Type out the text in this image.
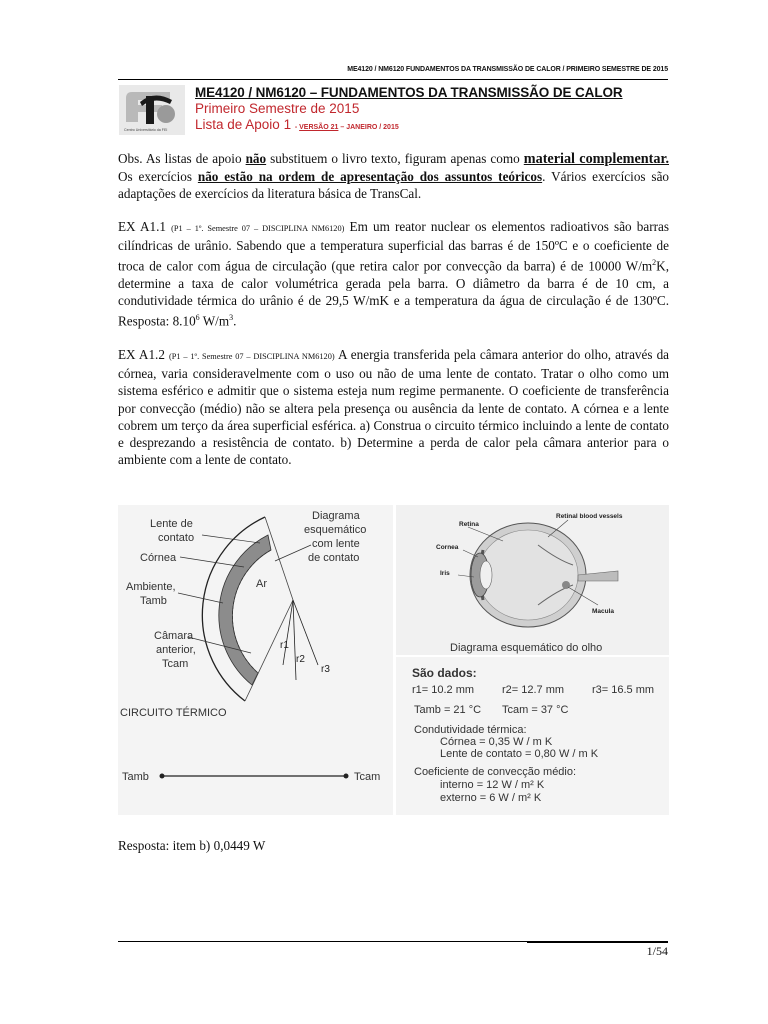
ME4120 / NM6120 FUNDAMENTOS DA TRANSMISSÃO DE CALOR / PRIMEIRO SEMESTRE DE 2015
Centro Universitário da FEI
ME4120 / NM6120 – FUNDAMENTOS DA TRANSMISSÃO DE CALOR
Primeiro Semestre de 2015
Lista de Apoio 1 - VERSÃO 21 – JANEIRO / 2015

Obs. As listas de apoio não substituem o livro texto, figuram apenas como material complementar. Os exercícios não estão na ordem de apresentação dos assuntos teóricos. Vários exercícios são adaptações de exercícios da literatura básica de TransCal.

EX A1.1 (P1 – 1º. Semestre 07 – DISCIPLINA NM6120) Em um reator nuclear os elementos radioativos são barras cilíndricas de urânio. Sabendo que a temperatura superficial das barras é de 150ºC e o coeficiente de troca de calor com água de circulação (que retira calor por convecção da barra) é de 10000 $W/m^2K$, determine a taxa de calor volumétrica gerada pela barra. O diâmetro da barra é de 10 cm, a condutividade térmica do urânio é de 29,5 W/mK e a temperatura da água de circulação é de 130ºC. Resposta: 8.10$^6$ $W/m^3$.

EX A1.2 (P1 – 1º. Semestre 07 – DISCIPLINA NM6120) A energia transferida pela câmara anterior do olho, através da córnea, varia consideravelmente com o uso ou não de uma lente de contato. Tratar o olho como um sistema esférico e admitir que o sistema esteja num regime permanente. O coeficiente de transferência por convecção (médio) não se altera pela presença ou ausência da lente de contato. A córnea e a lente cobrem um terço da área superficial esférica. a) Construa o circuito térmico incluindo a lente de contato e desprezando a resistência de contato. b) Determine a perda de calor pela câmara anterior para o ambiente com a lente de contato.

Ar
r1
r2
r3
Lente de
contato
Córnea
Ambiente,
Tamb
Câmara
anterior,
Tcam
Diagrama
esquemático
com lente
de contato
CIRCUITO TÉRMICO
Tamb	Tcam
Retina
Retinal blood vessels
Cornea
Iris
Macula
Diagrama esquemático do olho
São dados:
r1= 10.2 mm	r2= 12.7 mm	r3= 16.5 mm
Tamb = 21 °C Tcam = 37 °C
Condutividade térmica:
Córnea = 0,35 W / m K
Lente de contato = 0,80 W / m K
Coeficiente de convecção médio:
interno = 12 W / m² K
externo = 6 W / m² K
Resposta: item b) 0,0449 W
1/54
